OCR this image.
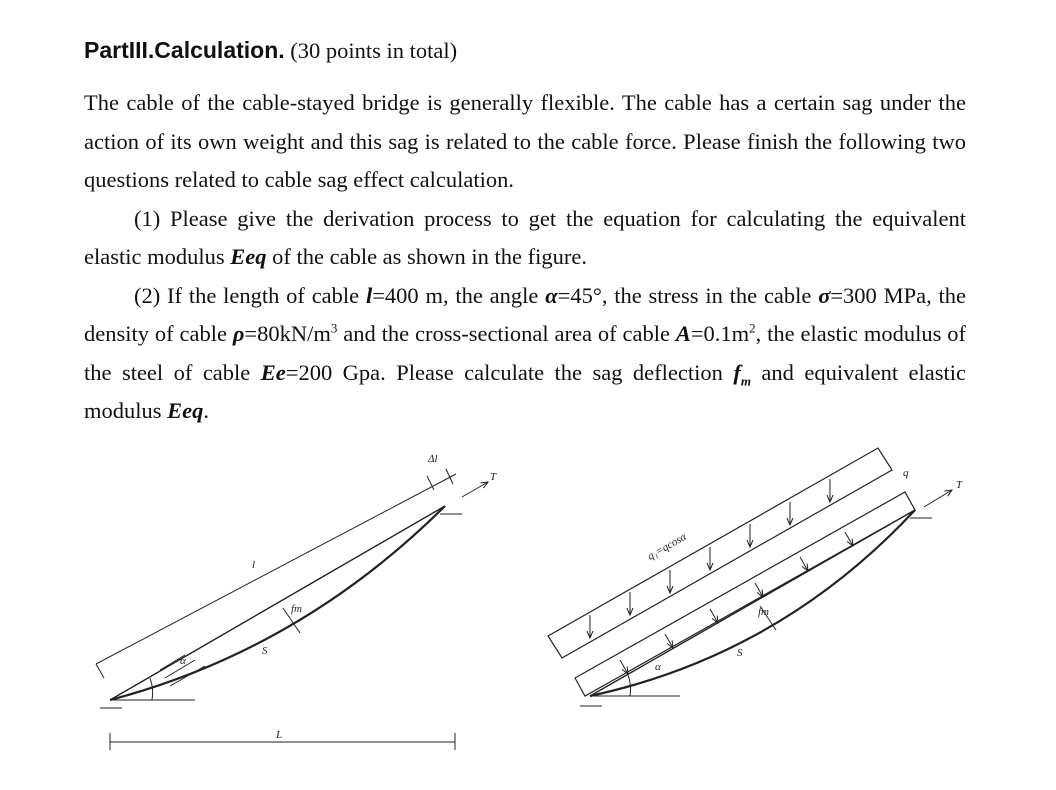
PartIII.Calculation. (30 points in total)

The cable of the cable-stayed bridge is generally flexible. The cable has a certain sag under the action of its own weight and this sag is related to the cable force. Please finish the following two questions related to cable sag effect calculation.

(1) Please give the derivation process to get the equation for calculating the equivalent elastic modulus Eeq of the cable as shown in the figure.

(2) If the length of cable l=400 m, the angle α=45°, the stress in the cable σ=300 MPa, the density of cable $\rho=80kN/m^3$ and the cross-sectional area of cable $A=0.1m^2$, the elastic modulus of the steel of cable Ee=200 Gpa. Please calculate the sag deflection $f_m$ and equivalent elastic modulus Eeq.

Δl
T
l
fm
S
L
α
q₁=qcosα
q
T
fm
S
α
